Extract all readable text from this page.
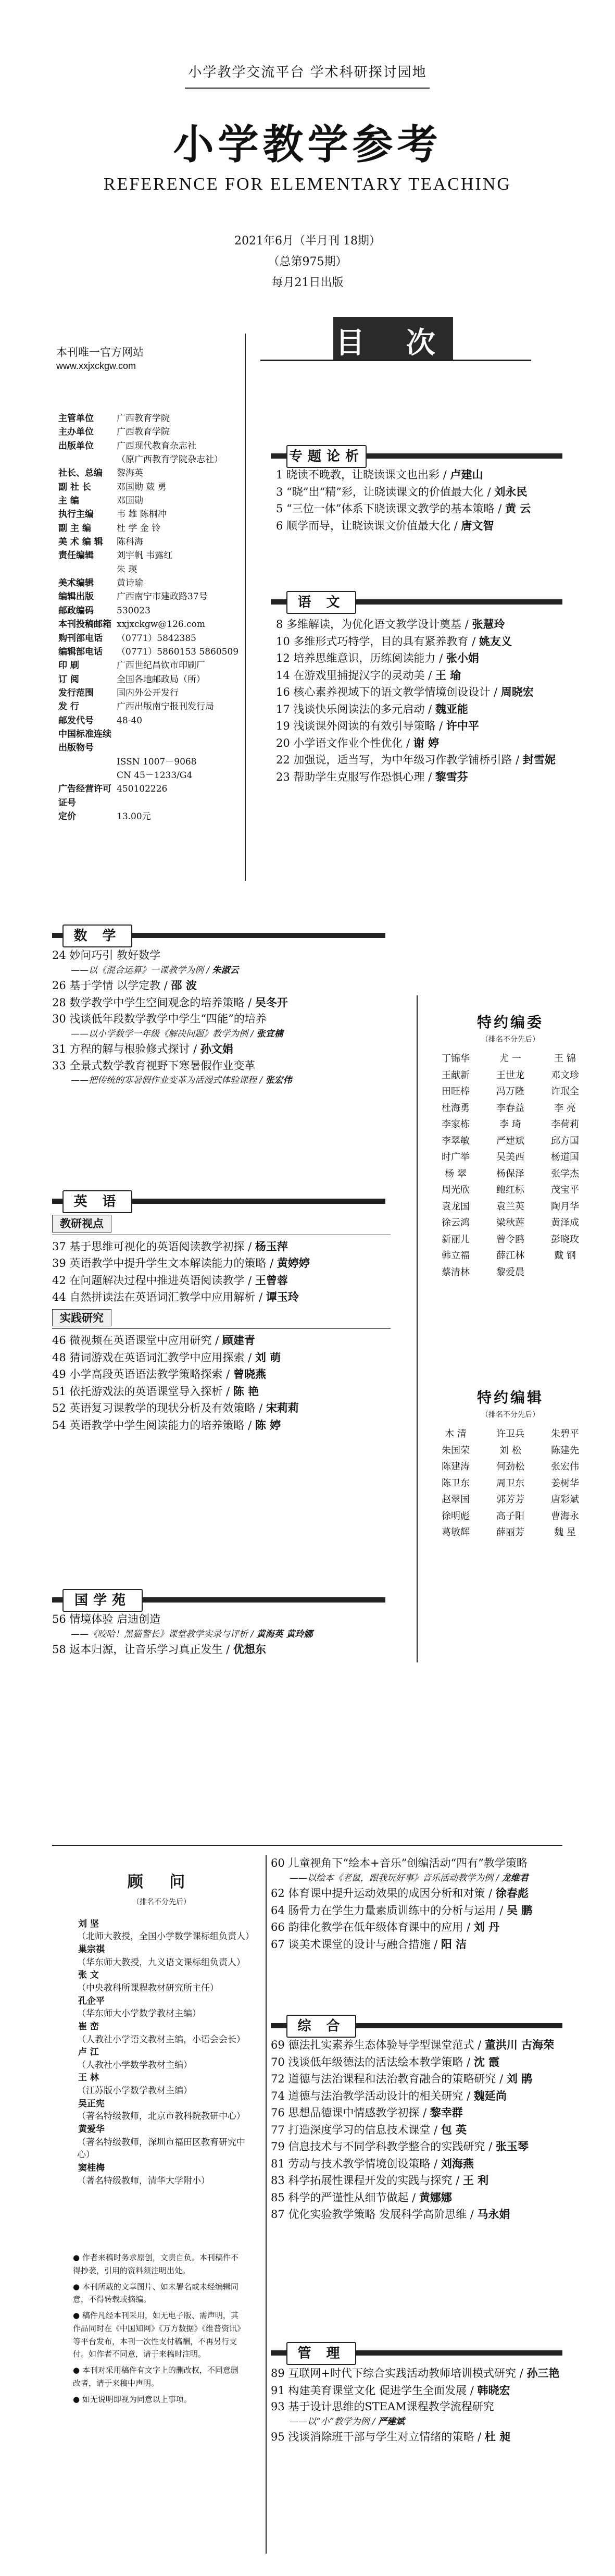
小学教学交流平台 学术科研探讨园地
小学教学参考
REFERENCE FOR ELEMENTARY TEACHING
2021年6月（半月刊 18期）
（总第975期）
每月21日出版
本刊唯一官方网站
www.xxjxckgw.com
目 次
主管单位	广西教育学院
主办单位	广西教育学院
出版单位	广西现代教育杂志社
（原广西教育学院杂志社）
社长、总编	黎海英
副 社 长	邓国勋 葳 勇
主 编	邓国勋
执行主编	韦 雄 陈桐冲
副 主 编	杜 学 金 铃
美 术 编 辑	陈科海
责任编辑	刘宇帆 韦露红
朱 瑛
美术编辑	黄诗瑜
编辑出版	广西南宁市建政路37号
邮政编码	530023
本刊投稿邮箱 xxjxckgw@126.com
购刊部电话	（0771）5842385
编辑部电话	（0771）5860153 5860509
印 刷	广西世纪昌钦市印刷厂
订 阅	全国各地邮政局（所）
发行范围	国内外公开发行
发 行	广西出版南宁报刊发行局
邮发代号	48-40
中国标准连续出版物号
ISSN 1007－9068
CN 45－1233/G4
广告经营许可证号
450102226
定价	13.00元
专题论析
1 晓读不晚教，让晓读课文也出彩 / 卢建山
3 “晓”出“精”彩，让晓读课文的价值最大化 / 刘永民
5 “三位一体”体系下晓读课文教学的基本策略 / 黄 云
6 顺学而导，让晓读课文价值最大化 / 唐文智
语 文
8 多维解读，为优化语文教学设计奠基 / 张慧玲
10 多维形式巧特学，目的具有紧养教育 / 姚友义
12 培养思维意识，历练阅读能力 / 张小娟
14 在游戏里捕捉汉字的灵动美 / 王 瑜
16 核心素养视域下的语文教学情境创设设计 / 周晓宏
17 浅谈快乐阅读法的多元启动 / 魏亚能
19 浅谈课外阅读的有效引导策略 / 许中平
20 小学语文作业个性优化 / 谢 婷
22 加强说，适当写，为中年级习作教学铺桥引路 / 封雪妮
23 帮助学生克服写作恐惧心理 / 黎雪芬
数 学
24 妙问巧引 教好数学
——以《混合运算》一课教学为例 / 朱淑云
26 基于学情 以学定教 / 邵 波
28 数学教学中学生空间观念的培养策略 / 吴冬开
30 浅谈低年段数学教学中学生“四能”的培养
——以小学数学一年级《解决问题》教学为例 / 张宜楠
31 方程的解与根验修式探讨 / 孙文娟
33 全景式数学教育视野下寒暑假作业变革
——把传统的寒暑假作业变革为活漫式体验课程 / 张宏伟
英 语
教研视点
37 基于思维可视化的英语阅读教学初探 / 杨玉萍
39 英语教学中提升学生文本解读能力的策略 / 黄婷婷
42 在问题解决过程中推进英语阅读教学 / 王曾蓉
44 自然拼读法在英语词汇教学中应用解析 / 谭玉玲
实践研究
46 微视频在英语课堂中应用研究 / 顾建青
48 猜词游戏在英语词汇教学中应用探索 / 刘 萌
49 小学高段英语语法教学策略探索 / 曾晓燕
51 依托游戏法的英语课堂导入探析 / 陈 艳
52 英语复习课教学的现状分析及有效策略 / 宋莉莉
54 英语教学中学生阅读能力的培养策略 / 陈 婷
国学苑
56 情境体验 启迪创造
——《咬哈！黑猫警长》课堂教学实录与评析 / 黄海英 黄玲娜
58 返本归源，让音乐学习真正发生 / 优想东
特约编委
（排名不分先后）
丁锦华	尤 一	王 锦
王献新	王世龙	邓文珍
田旺棒	冯万隆	许珉全
杜海勇	李春益	李 亮
李家栋	李 琦	李荷莉
李翠敏	严建斌	邱方国
时广举	吴美西	杨道国
杨 翠	杨保泽	张学杰
周光欣	鲍红标	茂宝平
袁龙国	袁兰英	陶月华
徐云鸿	梁秋莲	黄泽成
新丽儿	曾令鸥	彭晓玫
韩立福	薛江林	戴 钢
蔡清林	黎爱晨
特约编辑
（排名不分先后）
木 清	许卫兵	朱碧平
朱国荣	刘 松	陈建先
陈建涛	何劲松	张宏伟
陈卫东	周卫东	姜树华
赵翠国	郭芳芳	唐彩斌
徐明彪	高子阳	曹海永
葛敏辉	薛丽芳	魏 星
顾 问
（排名不分先后）
刘 坚
（北师大教授，全国小学数学课标组负责人）
巢宗祺
（华东师大教授，九义语文课标组负责人）
张 文
（中央教科所课程教材研究所主任）
孔企平
（华东师大小学数学教材主编）
崔 峦
（人教社小学语文教材主编，小语会会长）
卢 江
（人教社小学数学教材主编）
王 林
（江苏版小学数学教材主编）
吴正宪
（著名特级教师，北京市教科院教研中心）
黄爱华
（著名特级教师，深圳市福田区教育研究中心）
窦桂梅
（著名特级教师，清华大学附小）

● 作者来稿时务求原创，文责自负。本刊稿件不得抄袭，引用的资料须注明出处。

● 本刊所载的文章图片、如未署名或未经编辑同意，不得转载或摘编。

● 稿件凡经本刊采用，如无电子版、需声明，其作品同时在《中国知网》《万方数据》《维普资讯》等平台发布，本刊一次性支付稿酬，不再另行支付。如作者不同意，请于来稿时注明。

● 本刊对采用稿件有文字上的删改权，不同意删改者，请于来稿中声明。

● 如无说明即视为同意以上事项。

60 儿童视角下“绘本+音乐”创编活动“四有”教学策略
——以绘本《老鼠，跟我玩好事》音乐活动教学为例 / 龙维君
62 体育课中提升运动效果的成因分析和对策 / 徐春彪
64 肠骨力在学生力量素质训练中的分析与运用 / 吴 鹏
66 韵律化教学在低年级体育课中的应用 / 刘 丹
67 谈美术课堂的设计与融合措施 / 阳 洁
综 合
69 德法扎实素养生态体验导学型课堂范式 / 董洪川 古海荣
70 浅谈低年级德法的活法绘本教学策略 / 沈 霞
72 道德与法治课程和法治教育融合的策略研究 / 刘 鹃
74 道德与法治教学活动设计的相关研究 / 魏延尚
76 思想品德课中情感教学初探 / 黎幸群
77 打造深度学习的信息技术课堂 / 包 英
79 信息技术与不同学科教学整合的实践研究 / 张玉琴
81 劳动与技术教学情境创设策略 / 刘海燕
83 科学拓展性课程开发的实践与探究 / 王 利
85 科学的严谨性从细节做起 / 黄娜娜
87 优化实验教学策略 发展科学高阶思维 / 马永娟
管 理
89 互联网+时代下综合实践活动教师培训模式研究 / 孙三艳
91 构建美育课堂文化 促进学生全面发展 / 韩晓宏
93 基于设计思维的STEAM课程教学流程研究
——以“小”教学为例 / 严建斌
95 浅谈消除班干部与学生对立情绪的策略 / 杜 昶
